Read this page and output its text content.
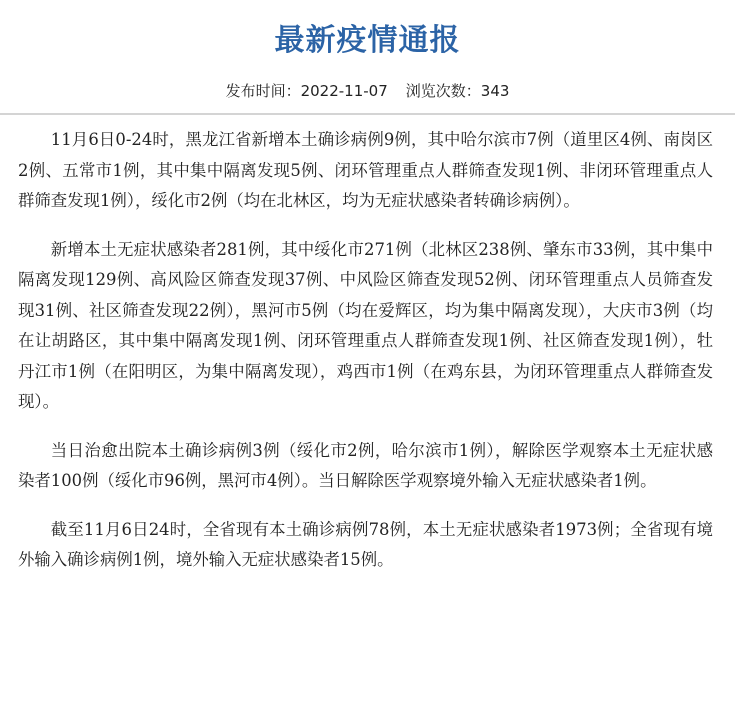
最新疫情通报
发布时间：2022-11-07 浏览次数：343

11月6日0-24时，黑龙江省新增本土确诊病例9例，其中哈尔滨市7例（道里区4例、南岗区2例、五常市1例，其中集中隔离发现5例、闭环管理重点人群筛查发现1例、非闭环管理重点人群筛查发现1例），绥化市2例（均在北林区，均为无症状感染者转确诊病例）。

新增本土无症状感染者281例，其中绥化市271例（北林区238例、肇东市33例，其中集中隔离发现129例、高风险区筛查发现37例、中风险区筛查发现52例、闭环管理重点人员筛查发现31例、社区筛查发现22例），黑河市5例（均在爱辉区，均为集中隔离发现），大庆市3例（均在让胡路区，其中集中隔离发现1例、闭环管理重点人群筛查发现1例、社区筛查发现1例），牡丹江市1例（在阳明区，为集中隔离发现），鸡西市1例（在鸡东县，为闭环管理重点人群筛查发现）。

当日治愈出院本土确诊病例3例（绥化市2例，哈尔滨市1例），解除医学观察本土无症状感染者100例（绥化市96例，黑河市4例）。当日解除医学观察境外输入无症状感染者1例。

截至11月6日24时，全省现有本土确诊病例78例，本土无症状感染者1973例；全省现有境外输入确诊病例1例，境外输入无症状感染者15例。
